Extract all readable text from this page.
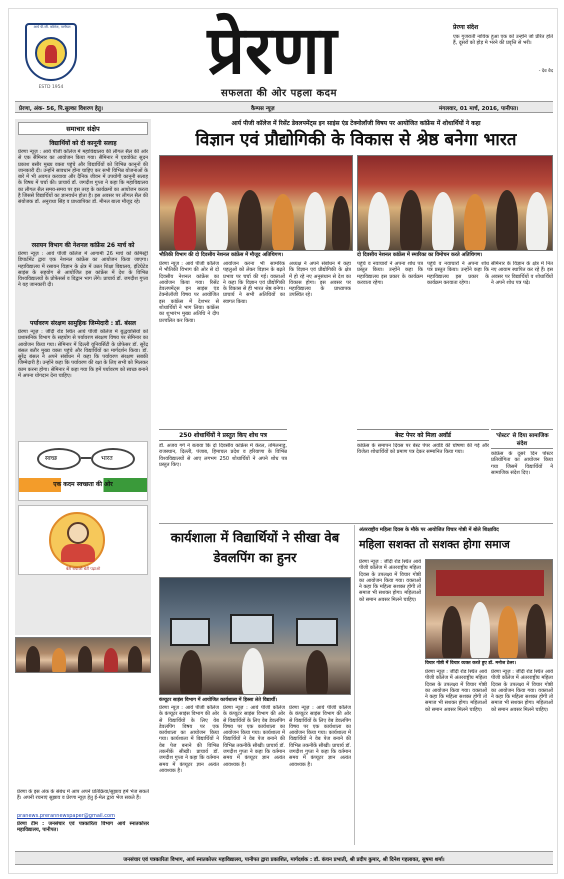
आर्य पी.जी. कॉलेज, पानीपत
ESTD 1954	प्रेरणा
सफलता की ओर पहला कदम
प्रेरणा संदेश
एक गुजराती नाविक हुआ एक को उन्होंने जो प्रेरित होते हैं, दूसरों को होड़ मे भरने की प्रवृत्ति से भरी।
- देव वेद
प्रेरणा, अंक- 56, पि.सुल्का विशरण हेतु।	कैम्पस न्यूज़	मंगलवार, 01 मार्च, 2016, पानीपत।
समाचार संक्षेप
विद्यार्थियों को दी कानूनी सलाह
प्रेरणा न्यूज़ : आर्य पीजी कॉलेज में महाविद्यालय की लीगल सैल की ओर से एक सैमिनार का आयोजन किया गया। सैमिनार में एडवोकेट सुदन प्रकाश बसीर मुख्य वक्ता पहुंचे और विद्यार्थियों को विभिन्न कानूनों की जानकारी दी। उन्होंने सावधान होना चाहिए कर सभी विभिन्न योजनाओं के बारे में भी अवगत करवाया और दैनिक जीवन में उपयोगी कानूनी सलाह के विषय में चर्चा की। प्राचार्य डॉ. जगदीश गुप्ता ने कहा कि महाविद्यालय का लीगल सैल समय-समय पर इस तरह के कार्यक्रमों का आयोजन करता है जिससे विद्यार्थियों का ज्ञानवर्धन होता है। इस अवसर पर लीगल सैल की संयोजक डॉ. अनुराधा सिंह व प्राध्यापिका डॉ. मीनल बाला मौजूद रहे।
रसायन विभाग की नेशनल कांफ्रेंस 26 मार्च को
प्रेरणा न्यूज़ : आर्य पीजी कॉलेज में आगामी 26 मार्च को केमिस्ट्री डिपार्टमेंट द्वारा एक नेशनल कांफ्रेंस का आयोजन किया जाएगा। महाविद्यालय में रसायन विज्ञान के क्षेत्र में उन्नत शिक्षा विद्यालय, इंटिग्रेटेड साइंस के सहयोग से आयोजित इस कांफ्रेंस में देश के विभिन्न विश्वविद्यालयों के प्रोफेसर्स व विद्वान भाग लेंगे। प्राचार्य डॉ. जगदीश गुप्ता ने यह जानकारी दी।
पर्यावरण संरक्षण सामुहिक जिम्मेदारी : डॉ. बंसल
प्रेरणा न्यूज़ : जींदी रोड स्थित आर्य पीजी कॉलेज में बुद्धवासियों को प्रशासनिक विभाग के सहयोग से पर्यावरण संरक्षण विषय पर सेमिनार का आयोजन किया गया। सेमिनार में दिल्ली यूनिवर्सिटी के प्रोफेसर डॉ. सुरेंद्र बंसल बतौर मुख्य वक्ता पहुंचे और विद्यार्थियों का मार्गदर्शन किया। डॉ. सुरेंद्र बंसल ने अपने संबोधन में कहा कि पर्यावरण संरक्षण सबकी जिम्मेदारी है। उन्होंने कहा कि पर्यावरण की रक्षा के लिए सभी को मिलकर काम करना होगा। सेमिनार में कहा गया कि हमें पर्यावरण को स्वच्छ बनाने में अपना योगदान देना चाहिए।
स्वच्छ	भारत
एक कदम स्वच्छता की ओर
बेटी बचाओ बेटी पढ़ाओ
प्रेरणा के इस अंक के संबंध में आप अपने प्रतिक्रिया/सुझाव हमें भेज सकते हैं। अपनी रचनाएं सुझाव व प्रेरणा न्यूज़ हेतु ई-मेल द्वारा भेज सकते हैं।
pranews.prerannewspaper@gmail.com
प्रेरणा टीम : जनसंचार एवं पत्रकारिता विभाग आर्य स्नातकोत्तर महाविद्यालय, पानीपत।
आर्य पीजी कॉलेज में रिसेंट डेवलपमेंट्स इन साइंस एंड टेक्नोलॉजी विषय पर आयोजित कांफ्रेंस में शोधार्थियों ने कहा
विज्ञान एवं प्रौद्योगिकी के विकास से श्रेष्ठ बनेगा भारत
भौतिकी विभाग की दो दिवसीय नेशनल कांफ्रेंस में मौजूद अतिथिगण।	दो दिवसीय नेशनल कांफ्रेंस में स्मारिका का विमोचन करते अतिथिगण।
प्रेरणा न्यूज़ : आर्य पीजी कॉलेज में भौतिकी विभाग की ओर से दो दिवसीय नेशनल कांफ्रेंस का आयोजन किया गया। रिसेंट डेवलपमेंट्स इन साइंस एंड टेक्नोलॉजी विषय पर आयोजित इस कांफ्रेंस में देशभर से शोधार्थियों ने भाग लिया। कांफ्रेंस का शुभारंभ मुख्य अतिथि ने दीप प्रज्वलित कर किया।
आयोजन करना भी सामरिक पहलुओं को लेकर विज्ञान के बढ़ते प्रभाव पर चर्चा की गई। वक्ताओं ने कहा कि विज्ञान एवं प्रौद्योगिकी के विकास से ही भारत श्रेष्ठ बनेगा। प्राचार्य ने सभी अतिथियों का स्वागत किया।
अध्यक्ष ने अपने संबोधन में कहा कि विज्ञान एवं प्रौद्योगिकी के क्षेत्र में हो रहे नए अनुसंधान से देश का विकास होगा। इस अवसर पर महाविद्यालय के प्राध्यापक उपस्थित रहे।
पहुंचे व नवाचारों ने अपना शोध पत्र प्रस्तुत किया। उन्होंने कहा कि महाविद्यालय इस प्रकार के कार्यक्रम करवाता रहेगा।
सेमिनार के विज्ञान के क्षेत्र में नित नए आयाम स्थापित कर रहे हैं। इस अवसर पर विद्यार्थियों व शोधार्थियों ने अपने शोध पत्र पढ़े।
पहुंचे व नवाचारों ने अपना शोध पत्र प्रस्तुत किया। उन्होंने कहा कि महाविद्यालय इस प्रकार के कार्यक्रम करवाता रहेगा।
250 शोधार्थियों ने प्रस्तुत किए शोध पत्र
डॉ. अजय गर्ग ने बताया कि दो दिवसीय कांफ्रेंस में केरल, तमिलनाडु, राजस्थान, दिल्ली, पंजाब, हिमाचल प्रदेश व हरियाणा के विभिन्न विश्वविद्यालयों से आए लगभग 250 शोधार्थियों ने अपने शोध पत्र प्रस्तुत किए।
बेस्ट पेपर को मिला अवॉर्ड
कांफ्रेंस के समापन दिवस पर बेस्ट पेपर अवॉर्ड की घोषणा की गई और विजेता शोधार्थियों को प्रमाण पत्र देकर सम्मानित किया गया।
'पोस्टर' से दिया सामाजिक संदेश
कांफ्रेंस के दूसरे दिन पोस्टर प्रतियोगिता का आयोजन किया गया जिसमें विद्यार्थियों ने सामाजिक संदेश दिए।
कार्यशाला में विद्यार्थियों ने सीखा वेब डेवलपिंग का हुनर
कंप्यूटर साइंस विभाग में आयोजित कार्यशाला में हिस्सा लेते विद्यार्थी।
प्रेरणा न्यूज़ : आर्य पीजी कॉलेज के कंप्यूटर साइंस विभाग की ओर से विद्यार्थियों के लिए वेब डेवलपिंग विषय पर एक कार्यशाला का आयोजन किया गया। कार्यशाला में विद्यार्थियों ने वेब पेज बनाने की विभिन्न तकनीकें सीखीं। प्राचार्य डॉ. जगदीश गुप्ता ने कहा कि वर्तमान समय में कंप्यूटर ज्ञान अत्यंत आवश्यक है।
प्रेरणा न्यूज़ : आर्य पीजी कॉलेज के कंप्यूटर साइंस विभाग की ओर से विद्यार्थियों के लिए वेब डेवलपिंग विषय पर एक कार्यशाला का आयोजन किया गया। कार्यशाला में विद्यार्थियों ने वेब पेज बनाने की विभिन्न तकनीकें सीखीं। प्राचार्य डॉ. जगदीश गुप्ता ने कहा कि वर्तमान समय में कंप्यूटर ज्ञान अत्यंत आवश्यक है।
प्रेरणा न्यूज़ : आर्य पीजी कॉलेज के कंप्यूटर साइंस विभाग की ओर से विद्यार्थियों के लिए वेब डेवलपिंग विषय पर एक कार्यशाला का आयोजन किया गया। कार्यशाला में विद्यार्थियों ने वेब पेज बनाने की विभिन्न तकनीकें सीखीं। प्राचार्य डॉ. जगदीश गुप्ता ने कहा कि वर्तमान समय में कंप्यूटर ज्ञान अत्यंत आवश्यक है।
अंतरराष्ट्रीय महिला दिवस के मौके पर आयोजित विचार गोष्ठी में बोले शिक्षाविद
महिला सशक्त तो सशक्त होगा समाज
प्रेरणा न्यूज़ : जींदी रोड स्थित आर्य पीजी कॉलेज में अंतरराष्ट्रीय महिला दिवस के उपलक्ष्य में विचार गोष्ठी का आयोजन किया गया। वक्ताओं ने कहा कि महिला सशक्त होगी तो समाज भी सशक्त होगा। महिलाओं को समान अवसर मिलने चाहिए।
विचार गोष्ठी में विचार व्यक्त करते हुए डॉ. मनोज टेलर।
प्रेरणा न्यूज़ : जींदी रोड स्थित आर्य पीजी कॉलेज में अंतरराष्ट्रीय महिला दिवस के उपलक्ष्य में विचार गोष्ठी का आयोजन किया गया। वक्ताओं ने कहा कि महिला सशक्त होगी तो समाज भी सशक्त होगा। महिलाओं को समान अवसर मिलने चाहिए।
प्रेरणा न्यूज़ : जींदी रोड स्थित आर्य पीजी कॉलेज में अंतरराष्ट्रीय महिला दिवस के उपलक्ष्य में विचार गोष्ठी का आयोजन किया गया। वक्ताओं ने कहा कि महिला सशक्त होगी तो समाज भी सशक्त होगा। महिलाओं को समान अवसर मिलने चाहिए।
जनसंचार एवं पत्रकारिता विभाग, आर्य स्नातकोत्तर महाविद्यालय, पानीपत द्वारा प्रकाशित, मार्गदर्शक : डॉ. कंचन प्रभाती, श्री प्रदीप कुमार, श्री दिनेश गहलावत, सुषमा शर्मा।
